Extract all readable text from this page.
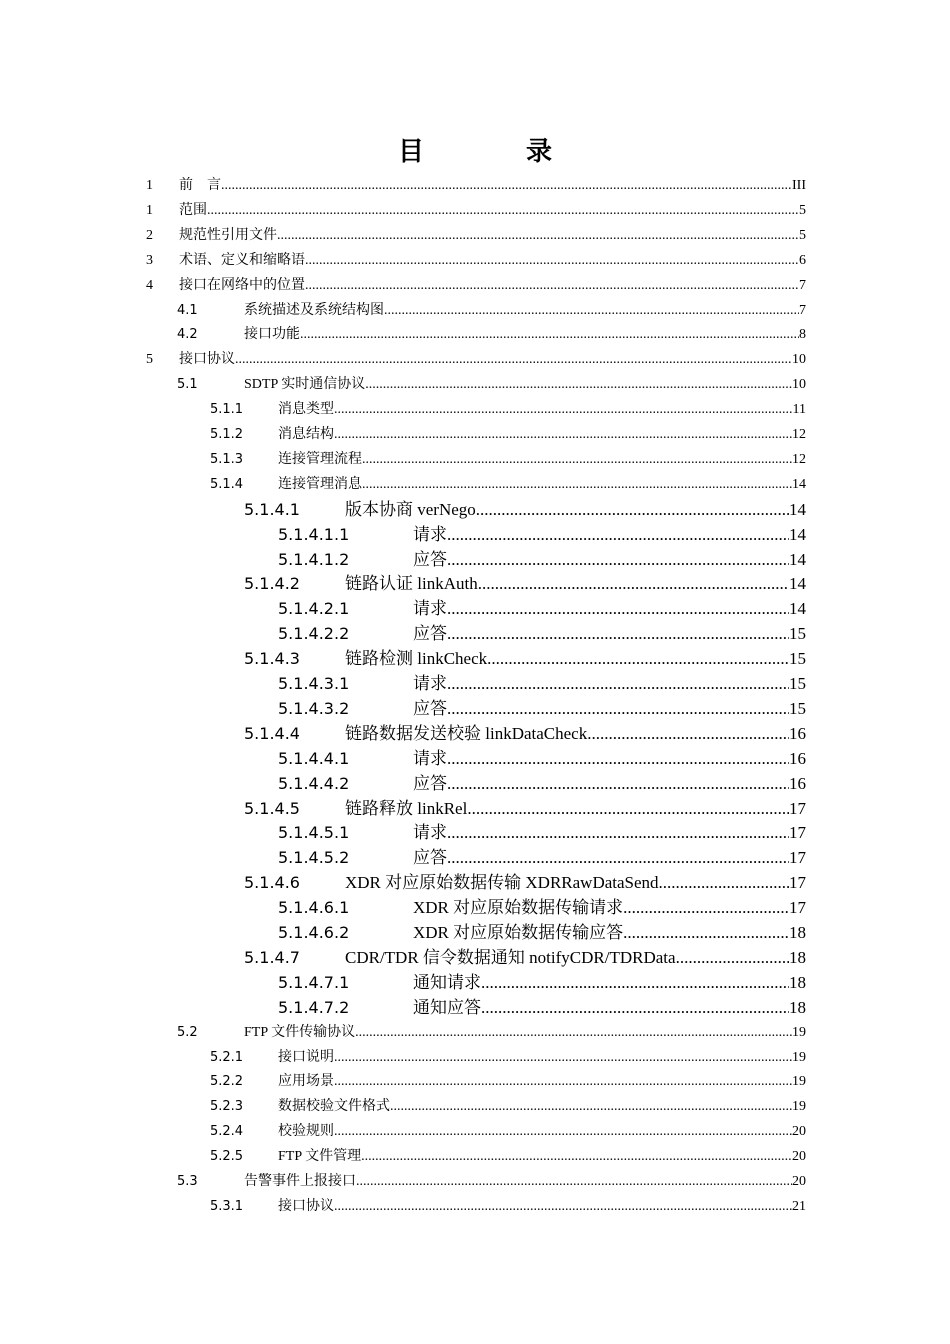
目　录
1	前　言 .....	III
1	范围 .....	5
2	规范性引用文件 .....	5
3	术语、定义和缩略语 .....	6
4	接口在网络中的位置 .....	7
4.1	系统描述及系统结构图 .....	7
4.2	接口功能 .....	8
5	接口协议 .....	10
5.1	SDTP 实时通信协议 .....	10
5.1.1	消息类型 .....	11
5.1.2	消息结构 .....	12
5.1.3	连接管理流程 .....	12
5.1.4	连接管理消息 .....	14
5.1.4.1	版本协商 verNego .....	14
5.1.4.1.1	请求 .....	14
5.1.4.1.2	应答 .....	14
5.1.4.2	链路认证 linkAuth .....	14
5.1.4.2.1	请求 .....	14
5.1.4.2.2	应答 .....	15
5.1.4.3	链路检测 linkCheck .....	15
5.1.4.3.1	请求 .....	15
5.1.4.3.2	应答 .....	15
5.1.4.4	链路数据发送校验 linkDataCheck .....	16
5.1.4.4.1	请求 .....	16
5.1.4.4.2	应答 .....	16
5.1.4.5	链路释放 linkRel .....	17
5.1.4.5.1	请求 .....	17
5.1.4.5.2	应答 .....	17
5.1.4.6	XDR 对应原始数据传输 XDRRawDataSend .....	17
5.1.4.6.1	XDR 对应原始数据传输请求 .....	17
5.1.4.6.2	XDR 对应原始数据传输应答 .....	18
5.1.4.7	CDR/TDR 信令数据通知 notifyCDR/TDRData .....	18
5.1.4.7.1	通知请求 .....	18
5.1.4.7.2	通知应答 .....	18
5.2	FTP 文件传输协议 .....	19
5.2.1	接口说明 .....	19
5.2.2	应用场景 .....	19
5.2.3	数据校验文件格式 .....	19
5.2.4	校验规则 .....	20
5.2.5	FTP 文件管理 .....	20
5.3	告警事件上报接口 .....	20
5.3.1	接口协议 .....	21
